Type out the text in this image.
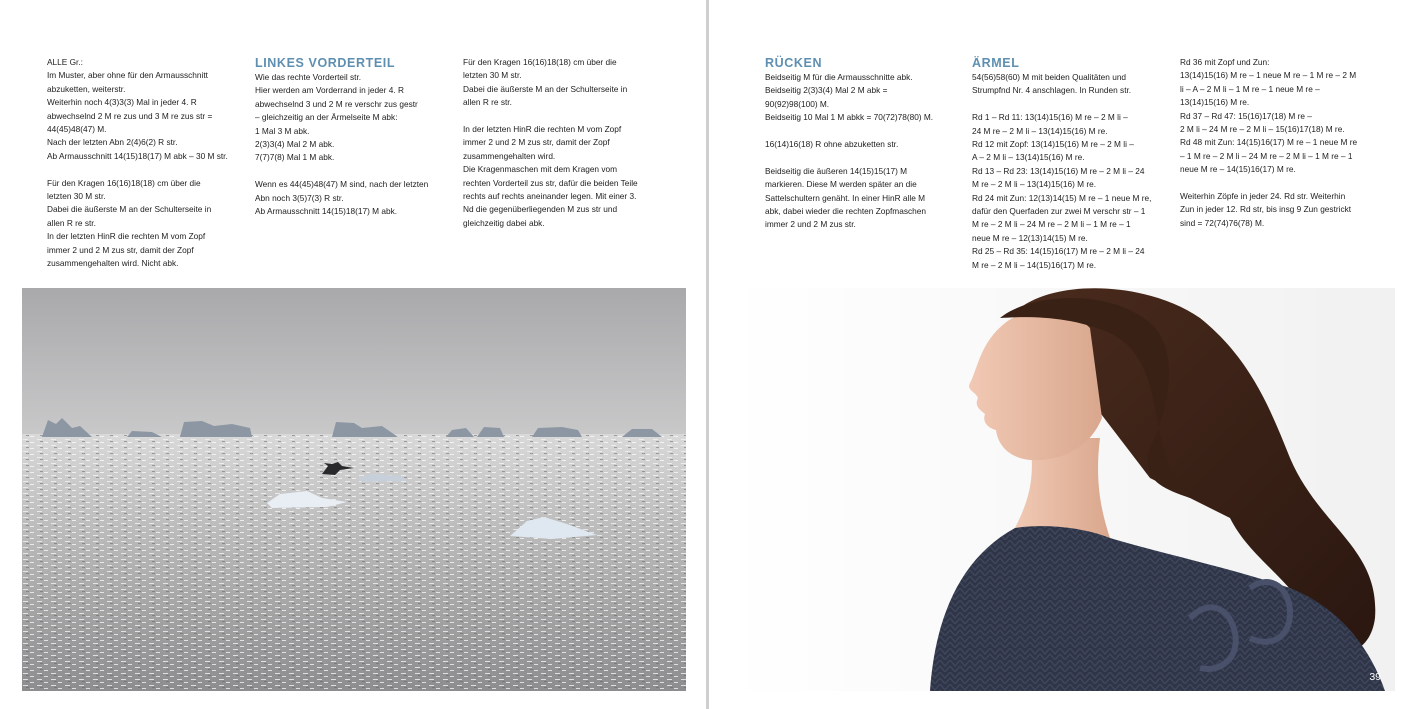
ALLE Gr.:
Im Muster, aber ohne für den Armausschnitt
abzuketten, weiterstr.
Weiterhin noch 4(3)3(3) Mal in jeder 4. R
abwechselnd 2 M re zus und 3 M re zus str =
44(45)48(47) M.
Nach der letzten Abn 2(4)6(2) R str.
Ab Armausschnitt 14(15)18(17) M abk – 30 M str.

Für den Kragen 16(16)18(18) cm über die
letzten 30 M str.
Dabei die äußerste M an der Schulterseite in
allen R re str.
In der letzten HinR die rechten M vom Zopf
immer 2 und 2 M zus str, damit der Zopf
zusammengehalten wird. Nicht abk.

LINKES VORDERTEIL

Wie das rechte Vorderteil str.
Hier werden am Vorderrand in jeder 4. R
abwechselnd 3 und 2 M re verschr zus gestr
– gleichzeitig an der Ärmelseite M abk:
1 Mal 3 M abk.
2(3)3(4) Mal 2 M abk.
7(7)7(8) Mal 1 M abk.

Wenn es 44(45)48(47) M sind, nach der letzten
Abn noch 3(5)7(3) R str.
Ab Armausschnitt 14(15)18(17) M abk.

Für den Kragen 16(16)18(18) cm über die
letzten 30 M str.
Dabei die äußerste M an der Schulterseite in
allen R re str.

In der letzten HinR die rechten M vom Zopf
immer 2 und 2 M zus str, damit der Zopf
zusammengehalten wird.
Die Kragenmaschen mit dem Kragen vom
rechten Vorderteil zus str, dafür die beiden Teile
rechts auf rechts aneinander legen. Mit einer 3.
Nd die gegenüberliegenden M zus str und
gleichzeitig dabei abk.

RÜCKEN

Beidseitig M für die Armausschnitte abk.
Beidseitig 2(3)3(4) Mal 2 M abk =
90(92)98(100) M.
Beidseitig 10 Mal 1 M abkk = 70(72)78(80) M.

16(14)16(18) R ohne abzuketten str.

Beidseitig die äußeren 14(15)15(17) M
markieren. Diese M werden später an die
Sattelschultern genäht. In einer HinR alle M
abk, dabei wieder die rechten Zopfmaschen
immer 2 und 2 M zus str.

ÄRMEL

54(56)58(60) M mit beiden Qualitäten und
Strumpfnd Nr. 4 anschlagen. In Runden str.

Rd 1 – Rd 11: 13(14)15(16) M re – 2 M li –
24 M re – 2 M li – 13(14)15(16) M re.
Rd 12 mit Zopf: 13(14)15(16) M re – 2 M li –
A – 2 M li – 13(14)15(16) M re.
Rd 13 – Rd 23: 13(14)15(16) M re – 2 M li – 24
M re – 2 M li – 13(14)15(16) M re.
Rd 24 mit Zun: 12(13)14(15) M re – 1 neue M re,
dafür den Querfaden zur zwei M verschr str – 1
M re – 2 M li – 24 M re – 2 M li – 1 M re – 1
neue M re – 12(13)14(15) M re.
Rd 25 – Rd 35: 14(15)16(17) M re – 2 M li – 24
M re – 2 M li – 14(15)16(17) M re.

Rd 36 mit Zopf und Zun:
13(14)15(16) M re – 1 neue M re – 1 M re – 2 M
li – A – 2 M li – 1 M re – 1 neue M re –
13(14)15(16) M re.
Rd 37 – Rd 47: 15(16)17(18) M re –
2 M li – 24 M re – 2 M li – 15(16)17(18) M re.
Rd 48 mit Zun: 14(15)16(17) M re – 1 neue M re
– 1 M re – 2 M li – 24 M re – 2 M li – 1 M re – 1
neue M re – 14(15)16(17) M re.

Weiterhin Zöpfe in jeder 24. Rd str. Weiterhin
Zun in jeder 12. Rd str, bis insg 9 Zun gestrickt
sind = 72(74)76(78) M.

39
